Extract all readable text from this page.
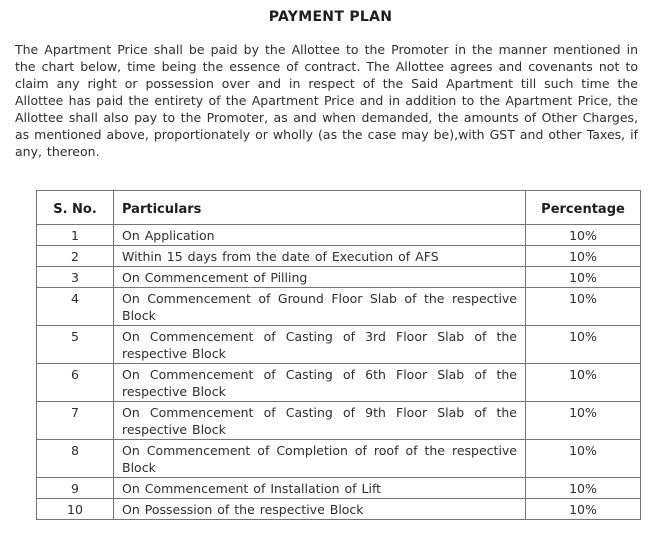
PAYMENT PLAN

The Apartment Price shall be paid by the Allottee to the Promoter in the manner mentioned in the chart below, time being the essence of contract. The Allottee agrees and covenants not to claim any right or possession over and in respect of the Said Apartment till such time the Allottee has paid the entirety of the Apartment Price and in addition to the Apartment Price, the Allottee shall also pay to the Promoter, as and when demanded, the amounts of Other Charges, as mentioned above, proportionately or wholly (as the case may be),with GST and other Taxes, if any, thereon.

S. No.	Particulars	Percentage
1	On Application	10%
2	Within 15 days from the date of Execution of AFS	10%
3	On Commencement of Pilling	10%
4	On Commencement of Ground Floor Slab of the respective Block	10%
5	On Commencement of Casting of 3rd Floor Slab of the respective Block	10%
6	On Commencement of Casting of 6th Floor Slab of the respective Block	10%
7	On Commencement of Casting of 9th Floor Slab of the respective Block	10%
8	On Commencement of Completion of roof of the respective Block	10%
9	On Commencement of Installation of Lift	10%
10	On Possession of the respective Block	10%
